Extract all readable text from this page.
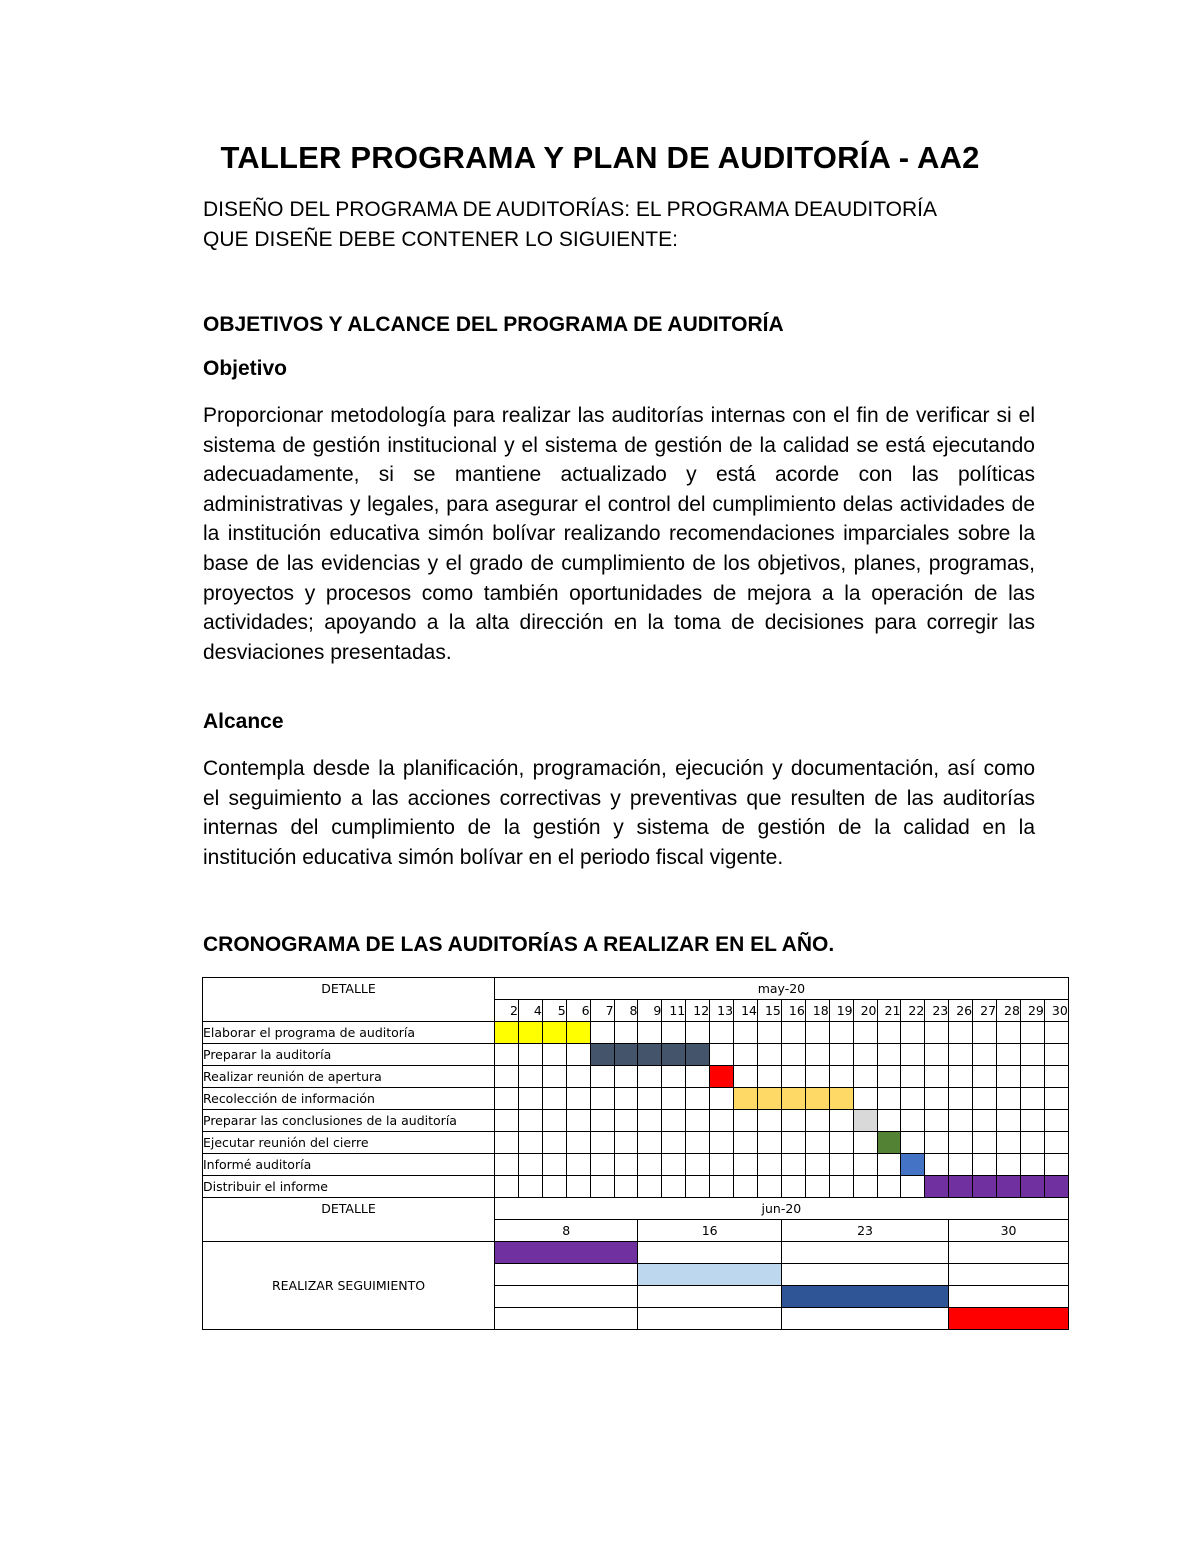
TALLER PROGRAMA Y PLAN DE AUDITORÍA - AA2

DISEÑO DEL PROGRAMA DE AUDITORÍAS: EL PROGRAMA DEAUDITORÍA

QUE DISEÑE DEBE CONTENER LO SIGUIENTE:

OBJETIVOS Y ALCANCE DEL PROGRAMA DE AUDITORÍA

Objetivo

Proporcionar metodología para realizar las auditorías internas con el fin de verificar si el sistema de gestión institucional y el sistema de gestión de la calidad se está ejecutando adecuadamente, si se mantiene actualizado y está acorde con las políticas administrativas y legales, para asegurar el control del cumplimiento delas actividades de la institución educativa simón bolívar realizando recomendaciones imparciales sobre la base de las evidencias y el grado de cumplimiento de los objetivos, planes, programas, proyectos y procesos como también oportunidades de mejora a la operación de las actividades; apoyando a la alta dirección en la toma de decisiones para corregir las desviaciones presentadas.

Alcance

Contempla desde la planificación, programación, ejecución y documentación, así como el seguimiento a las acciones correctivas y preventivas que resulten de las auditorías internas del cumplimiento de la gestión y sistema de gestión de la calidad en la institución educativa simón bolívar en el periodo fiscal vigente.

CRONOGRAMA DE LAS AUDITORÍAS A REALIZAR EN EL AÑO.

DETALLE	may-20																							
	2	4	5	6	7	8	9	11	12	13	14	15	16	18	19	20	21	22	23	26	27	28	29	30
Elaborar el programa de auditoría																								
Preparar la auditoría																								
Realizar reunión de apertura																								
Recolección de información																								
Preparar las conclusiones de la auditoría																								
Ejecutar reunión del cierre																								
Informé auditoría																								
Distribuir el informe																								
DETALLE	jun-20																							
	8						16						23							30				
REALIZAR SEGUIMIENTO																								
